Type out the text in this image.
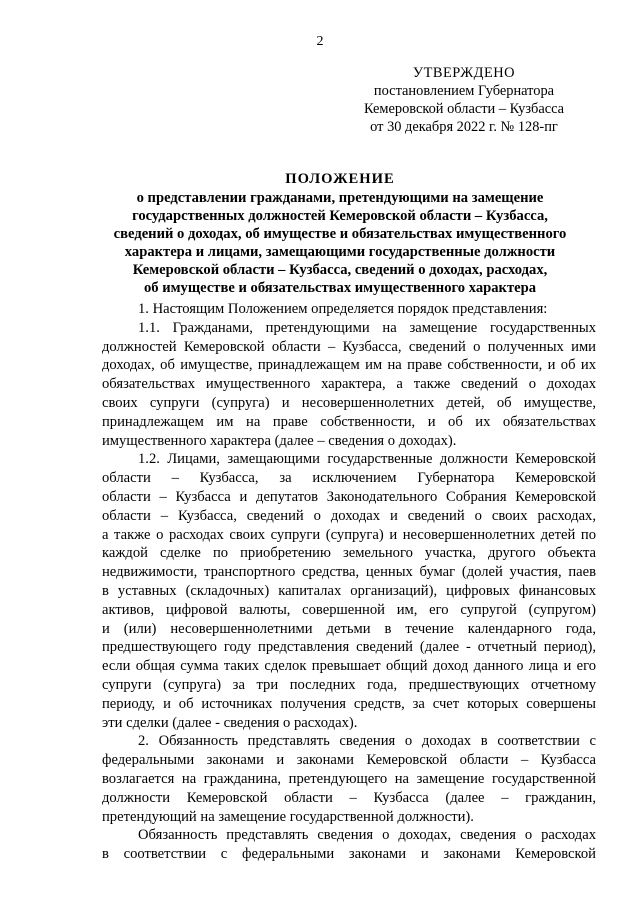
2
УТВЕРЖДЕНО
постановлением Губернатора
Кемеровской области – Кузбасса
от 30 декабря 2022 г. № 128-пг
ПОЛОЖЕНИЕ
о представлении гражданами, претендующими на замещение
государственных должностей Кемеровской области – Кузбасса,
сведений о доходах, об имуществе и обязательствах имущественного
характера и лицами, замещающими государственные должности
Кемеровской области – Кузбасса, сведений о доходах, расходах,
об имуществе и обязательствах имущественного характера
1. Настоящим Положением определяется порядок представления:
1.1. Гражданами, претендующими на замещение государственных
должностей Кемеровской области – Кузбасса, сведений о полученных ими
доходах, об имуществе, принадлежащем им на праве собственности, и об их
обязательствах имущественного характера, а также сведений о доходах
своих супруги (супруга) и несовершеннолетних детей, об имуществе,
принадлежащем им на праве собственности, и об их обязательствах
имущественного характера (далее – сведения о доходах).
1.2. Лицами, замещающими государственные должности Кемеровской
области – Кузбасса, за исключением Губернатора Кемеровской
области – Кузбасса и депутатов Законодательного Собрания Кемеровской
области – Кузбасса, сведений о доходах и сведений о своих расходах,
а также о расходах своих супруги (супруга) и несовершеннолетних детей по
каждой сделке по приобретению земельного участка, другого объекта
недвижимости, транспортного средства, ценных бумаг (долей участия, паев
в уставных (складочных) капиталах организаций), цифровых финансовых
активов, цифровой валюты, совершенной им, его супругой (супругом)
и (или) несовершеннолетними детьми в течение календарного года,
предшествующего году представления сведений (далее - отчетный период),
если общая сумма таких сделок превышает общий доход данного лица и его
супруги (супруга) за три последних года, предшествующих отчетному
периоду, и об источниках получения средств, за счет которых совершены
эти сделки (далее - сведения о расходах).
2. Обязанность представлять сведения о доходах в соответствии с
федеральными законами и законами Кемеровской области – Кузбасса
возлагается на гражданина, претендующего на замещение государственной
должности Кемеровской области – Кузбасса (далее – гражданин,
претендующий на замещение государственной должности).
Обязанность представлять сведения о доходах, сведения о расходах
в соответствии с федеральными законами и законами Кемеровской
